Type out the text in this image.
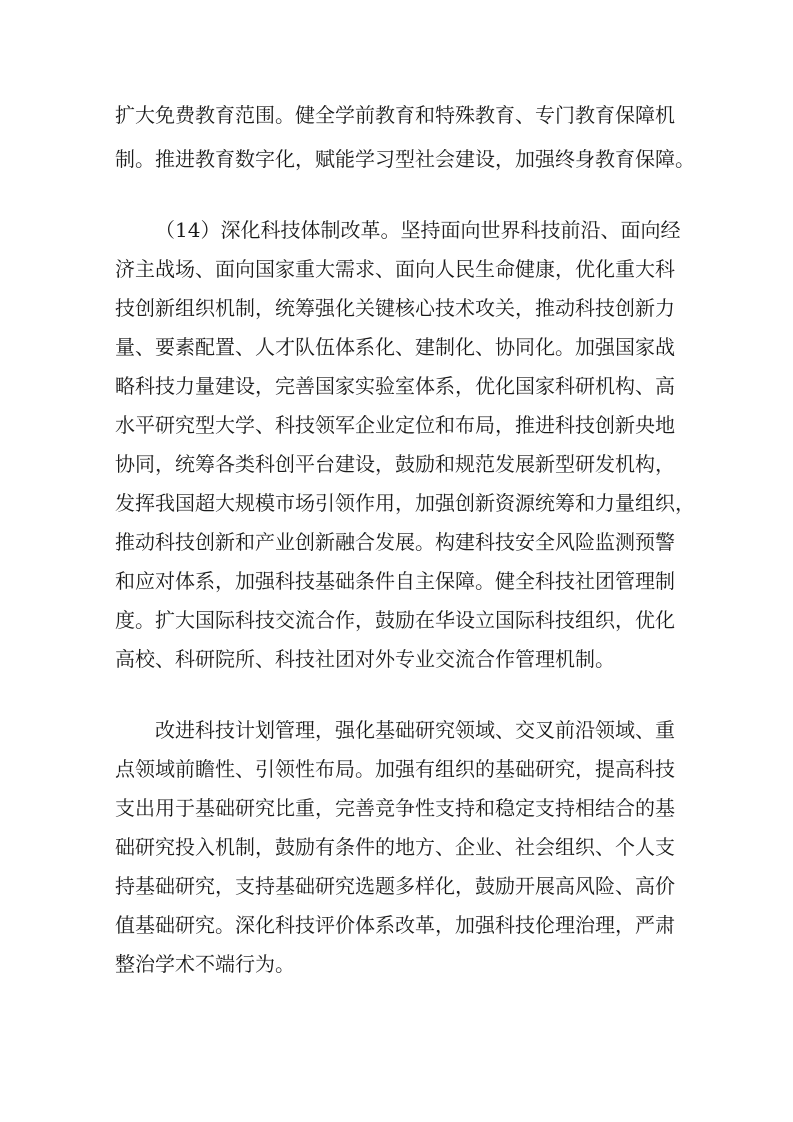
扩大免费教育范围。健全学前教育和特殊教育、专门教育保障机
制。推进教育数字化，赋能学习型社会建设，加强终身教育保障。
（14）深化科技体制改革。坚持面向世界科技前沿、面向经
济主战场、面向国家重大需求、面向人民生命健康，优化重大科
技创新组织机制，统筹强化关键核心技术攻关，推动科技创新力
量、要素配置、人才队伍体系化、建制化、协同化。加强国家战
略科技力量建设，完善国家实验室体系，优化国家科研机构、高
水平研究型大学、科技领军企业定位和布局，推进科技创新央地
协同，统筹各类科创平台建设，鼓励和规范发展新型研发机构，
发挥我国超大规模市场引领作用，加强创新资源统筹和力量组织，
推动科技创新和产业创新融合发展。构建科技安全风险监测预警
和应对体系，加强科技基础条件自主保障。健全科技社团管理制
度。扩大国际科技交流合作，鼓励在华设立国际科技组织，优化
高校、科研院所、科技社团对外专业交流合作管理机制。
改进科技计划管理，强化基础研究领域、交叉前沿领域、重
点领域前瞻性、引领性布局。加强有组织的基础研究，提高科技
支出用于基础研究比重，完善竞争性支持和稳定支持相结合的基
础研究投入机制，鼓励有条件的地方、企业、社会组织、个人支
持基础研究，支持基础研究选题多样化，鼓励开展高风险、高价
值基础研究。深化科技评价体系改革，加强科技伦理治理，严肃
整治学术不端行为。
